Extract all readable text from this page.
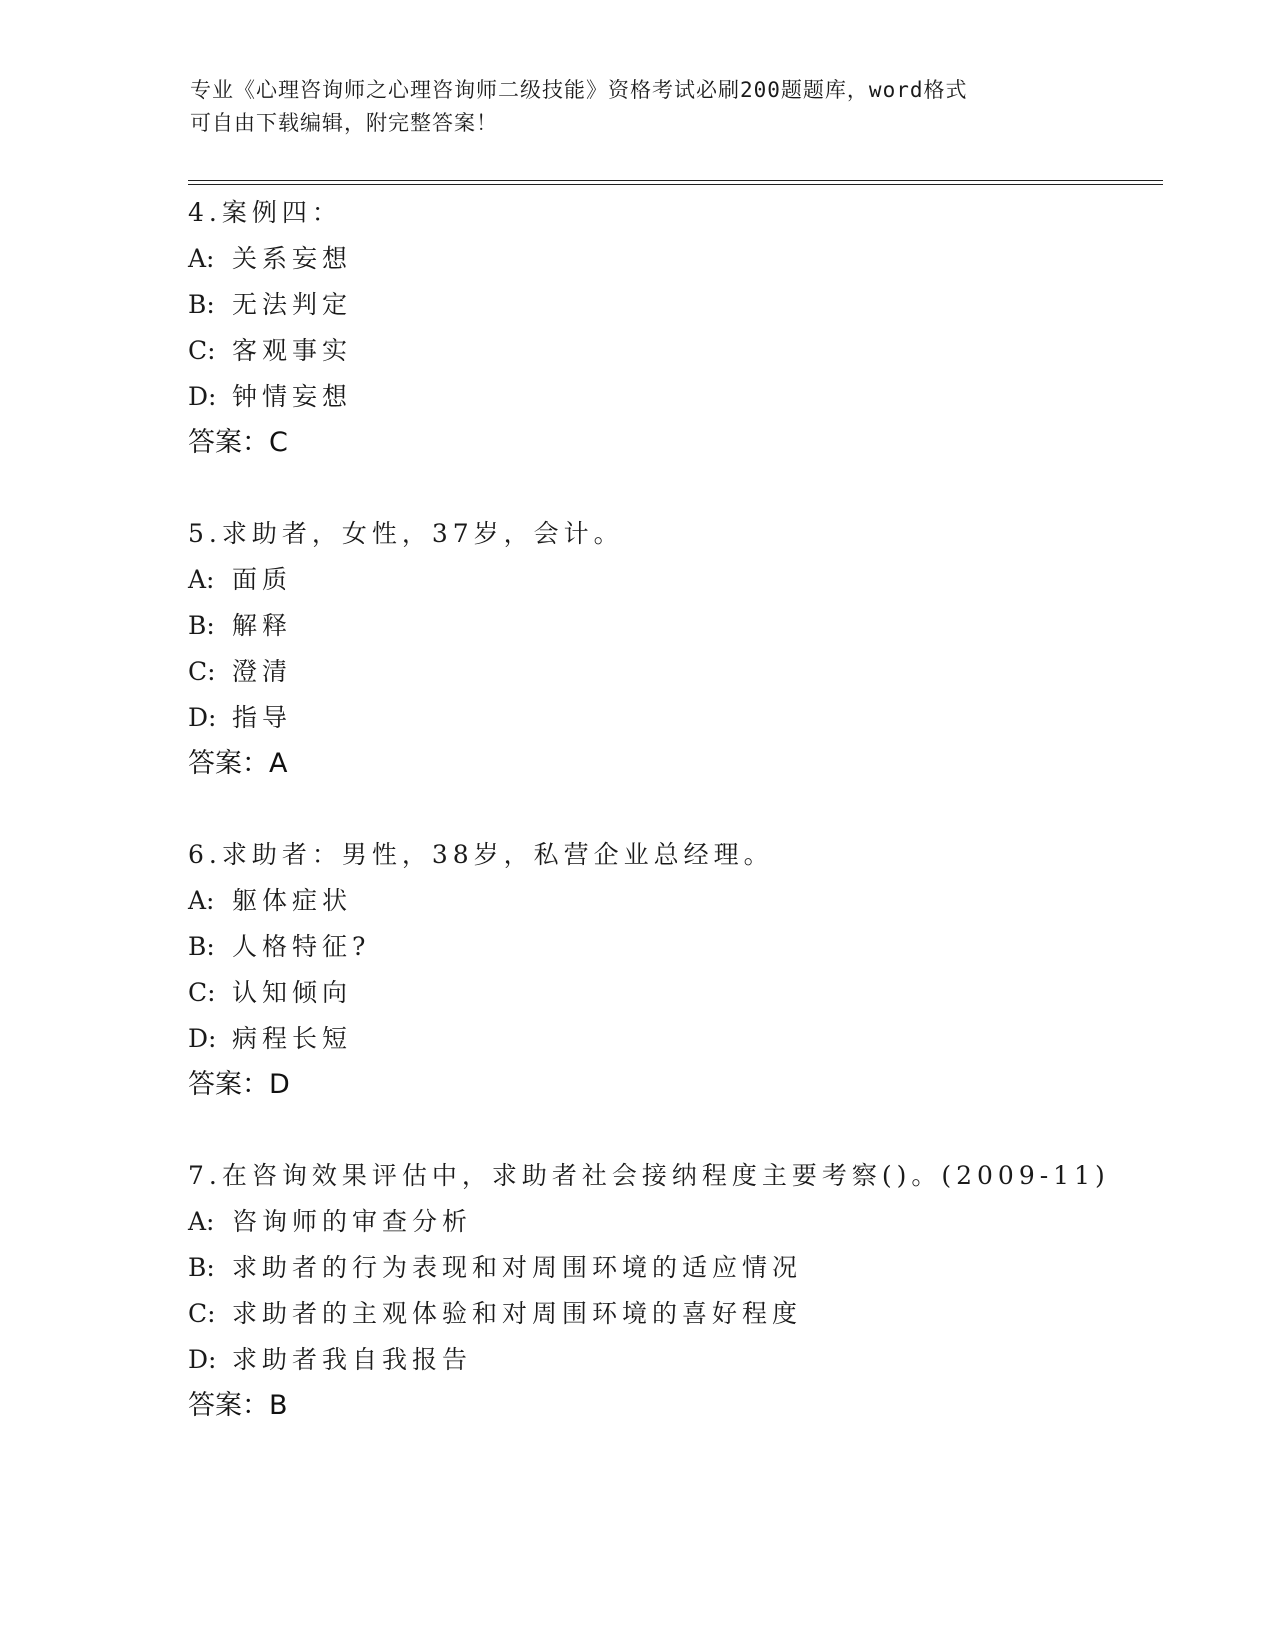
专业《心理咨询师之心理咨询师二级技能》资格考试必刷200题题库，word格式
可自由下载编辑，附完整答案！
4.案例四：
A: 关系妄想
B: 无法判定
C: 客观事实
D: 钟情妄想
答案：C
5.求助者，女性，37岁，会计。
A: 面质
B: 解释
C: 澄清
D: 指导
答案：A
6.求助者：男性，38岁，私营企业总经理。
A: 躯体症状
B: 人格特征?
C: 认知倾向
D: 病程长短
答案：D
7.在咨询效果评估中，求助者社会接纳程度主要考察()。(2009-11)
A: 咨询师的审查分析
B: 求助者的行为表现和对周围环境的适应情况
C: 求助者的主观体验和对周围环境的喜好程度
D: 求助者我自我报告
答案：B
